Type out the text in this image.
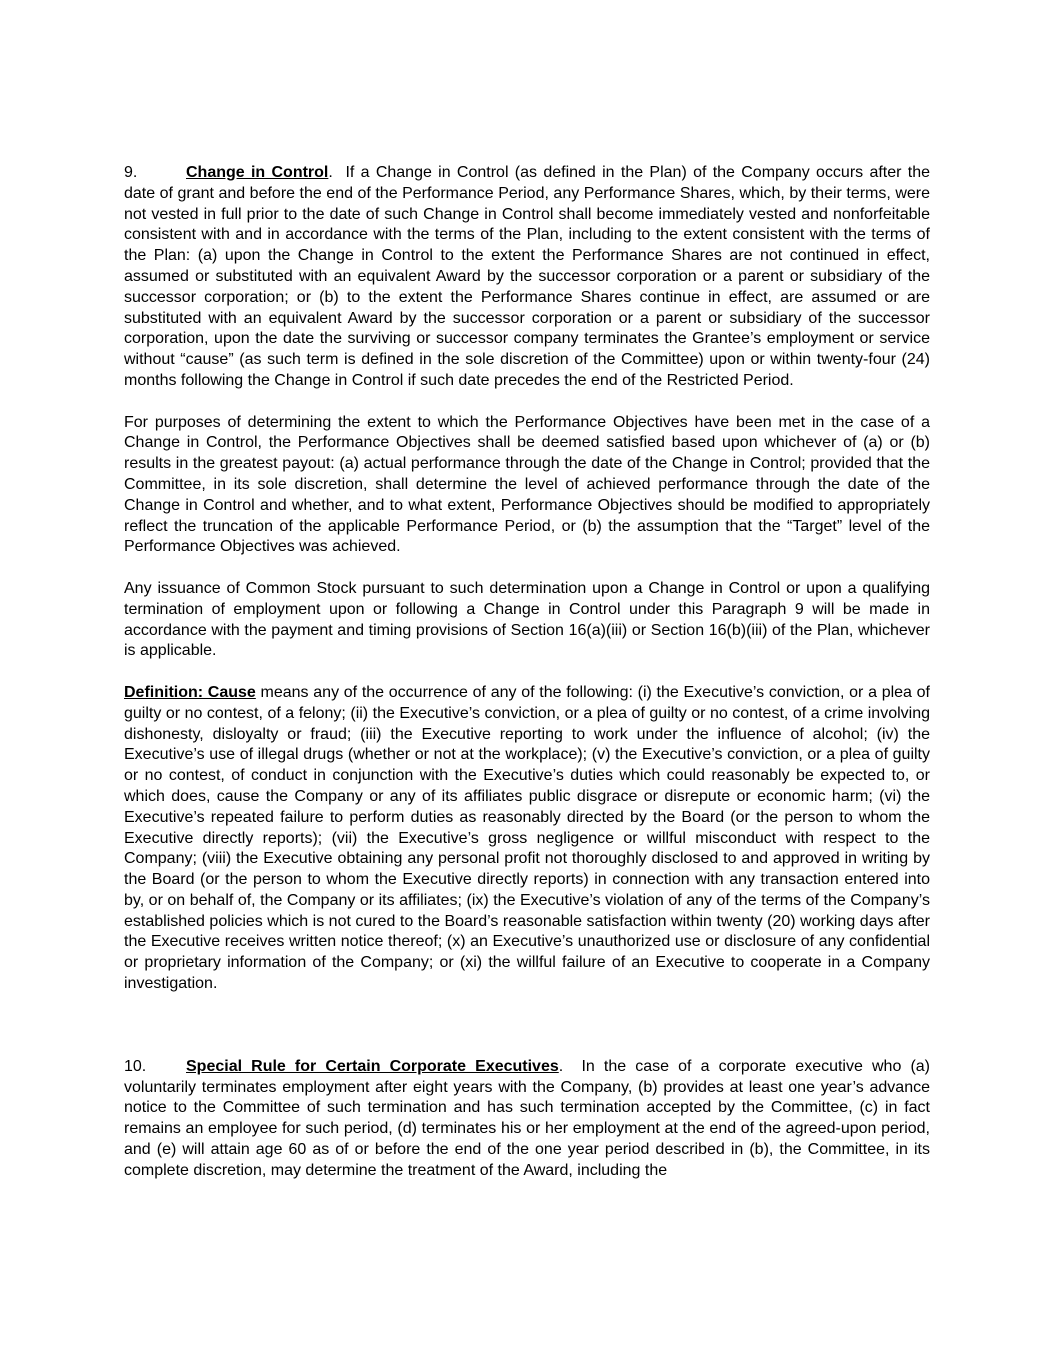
9.	Change in Control. If a Change in Control (as defined in the Plan) of the Company occurs after the date of grant and before the end of the Performance Period, any Performance Shares, which, by their terms, were not vested in full prior to the date of such Change in Control shall become immediately vested and nonforfeitable consistent with and in accordance with the terms of the Plan, including to the extent consistent with the terms of the Plan: (a) upon the Change in Control to the extent the Performance Shares are not continued in effect, assumed or substituted with an equivalent Award by the successor corporation or a parent or subsidiary of the successor corporation; or (b) to the extent the Performance Shares continue in effect, are assumed or are substituted with an equivalent Award by the successor corporation or a parent or subsidiary of the successor corporation, upon the date the surviving or successor company terminates the Grantee’s employment or service without “cause” (as such term is defined in the sole discretion of the Committee) upon or within twenty-four (24) months following the Change in Control if such date precedes the end of the Restricted Period.

For purposes of determining the extent to which the Performance Objectives have been met in the case of a Change in Control, the Performance Objectives shall be deemed satisfied based upon whichever of (a) or (b) results in the greatest payout: (a) actual performance through the date of the Change in Control; provided that the Committee, in its sole discretion, shall determine the level of achieved performance through the date of the Change in Control and whether, and to what extent, Performance Objectives should be modified to appropriately reflect the truncation of the applicable Performance Period, or (b) the assumption that the “Target” level of the Performance Objectives was achieved.

Any issuance of Common Stock pursuant to such determination upon a Change in Control or upon a qualifying termination of employment upon or following a Change in Control under this Paragraph 9 will be made in accordance with the payment and timing provisions of Section 16(a)(iii) or Section 16(b)(iii) of the Plan, whichever is applicable.

Definition: Cause means any of the occurrence of any of the following: (i) the Executive’s conviction, or a plea of guilty or no contest, of a felony; (ii) the Executive’s conviction, or a plea of guilty or no contest, of a crime involving dishonesty, disloyalty or fraud; (iii) the Executive reporting to work under the influence of alcohol; (iv) the Executive’s use of illegal drugs (whether or not at the workplace); (v) the Executive’s conviction, or a plea of guilty or no contest, of conduct in conjunction with the Executive’s duties which could reasonably be expected to, or which does, cause the Company or any of its affiliates public disgrace or disrepute or economic harm; (vi) the Executive’s repeated failure to perform duties as reasonably directed by the Board (or the person to whom the Executive directly reports); (vii) the Executive’s gross negligence or willful misconduct with respect to the Company; (viii) the Executive obtaining any personal profit not thoroughly disclosed to and approved in writing by the Board (or the person to whom the Executive directly reports) in connection with any transaction entered into by, or on behalf of, the Company or its affiliates; (ix) the Executive’s violation of any of the terms of the Company’s established policies which is not cured to the Board’s reasonable satisfaction within twenty (20) working days after the Executive receives written notice thereof; (x) an Executive’s unauthorized use or disclosure of any confidential or proprietary information of the Company; or (xi) the willful failure of an Executive to cooperate in a Company investigation.

10. Special Rule for Certain Corporate Executives. In the case of a corporate executive who (a) voluntarily terminates employment after eight years with the Company, (b) provides at least one year’s advance notice to the Committee of such termination and has such termination accepted by the Committee, (c) in fact remains an employee for such period, (d) terminates his or her employment at the end of the agreed-upon period, and (e) will attain age 60 as of or before the end of the one year period described in (b), the Committee, in its complete discretion, may determine the treatment of the Award, including the
